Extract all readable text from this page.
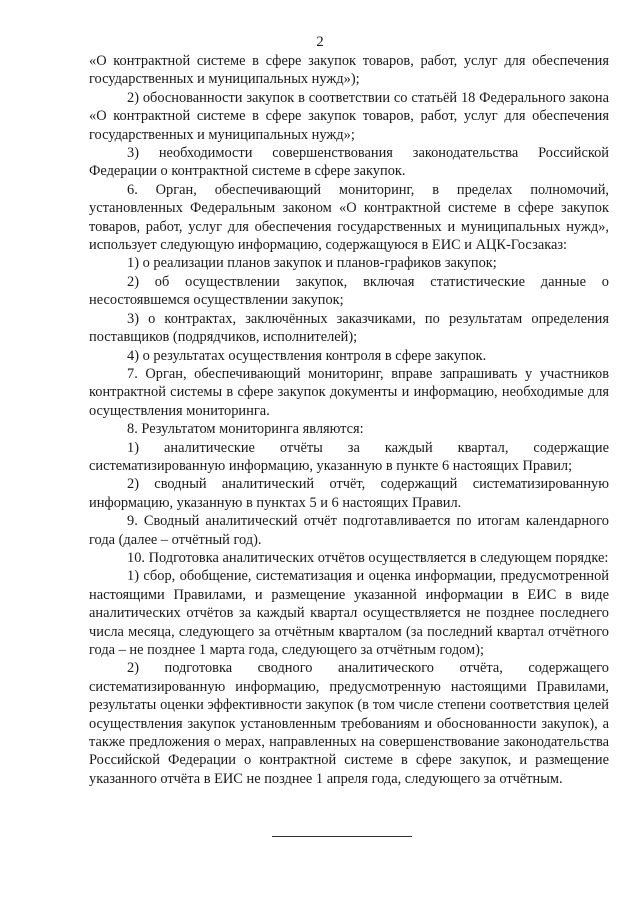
2

«О контрактной системе в сфере закупок товаров, работ, услуг для обеспечения государственных и муниципальных нужд»);

2) обоснованности закупок в соответствии со статьёй 18 Федерального закона «О контрактной системе в сфере закупок товаров, работ, услуг для обеспечения государственных и муниципальных нужд»;

3) необходимости совершенствования законодательства Российской Федерации о контрактной системе в сфере закупок.

6. Орган, обеспечивающий мониторинг, в пределах полномочий, установленных Федеральным законом «О контрактной системе в сфере закупок товаров, работ, услуг для обеспечения государственных и муниципальных нужд», использует следующую информацию, содержащуюся в ЕИС и АЦК-Госзаказ:

1) о реализации планов закупок и планов-графиков закупок;

2) об осуществлении закупок, включая статистические данные о несостоявшемся осуществлении закупок;

3) о контрактах, заключённых заказчиками, по результатам определения поставщиков (подрядчиков, исполнителей);

4) о результатах осуществления контроля в сфере закупок.

7. Орган, обеспечивающий мониторинг, вправе запрашивать у участников контрактной системы в сфере закупок документы и информацию, необходимые для осуществления мониторинга.

8. Результатом мониторинга являются:

1) аналитические отчёты за каждый квартал, содержащие систематизированную информацию, указанную в пункте 6 настоящих Правил;

2) сводный аналитический отчёт, содержащий систематизированную информацию, указанную в пунктах 5 и 6 настоящих Правил.

9. Сводный аналитический отчёт подготавливается по итогам календарного года (далее – отчётный год).

10. Подготовка аналитических отчётов осуществляется в следующем порядке:

1) сбор, обобщение, систематизация и оценка информации, предусмотренной настоящими Правилами, и размещение указанной информации в ЕИС в виде аналитических отчётов за каждый квартал осуществляется не позднее последнего числа месяца, следующего за отчётным кварталом (за последний квартал отчётного года – не позднее 1 марта года, следующего за отчётным годом);

2) подготовка сводного аналитического отчёта, содержащего систематизированную информацию, предусмотренную настоящими Правилами, результаты оценки эффективности закупок (в том числе степени соответствия целей осуществления закупок установленным требованиям и обоснованности закупок), а также предложения о мерах, направленных на совершенствование законодательства Российской Федерации о контрактной системе в сфере закупок, и размещение указанного отчёта в ЕИС не позднее 1 апреля года, следующего за отчётным.
